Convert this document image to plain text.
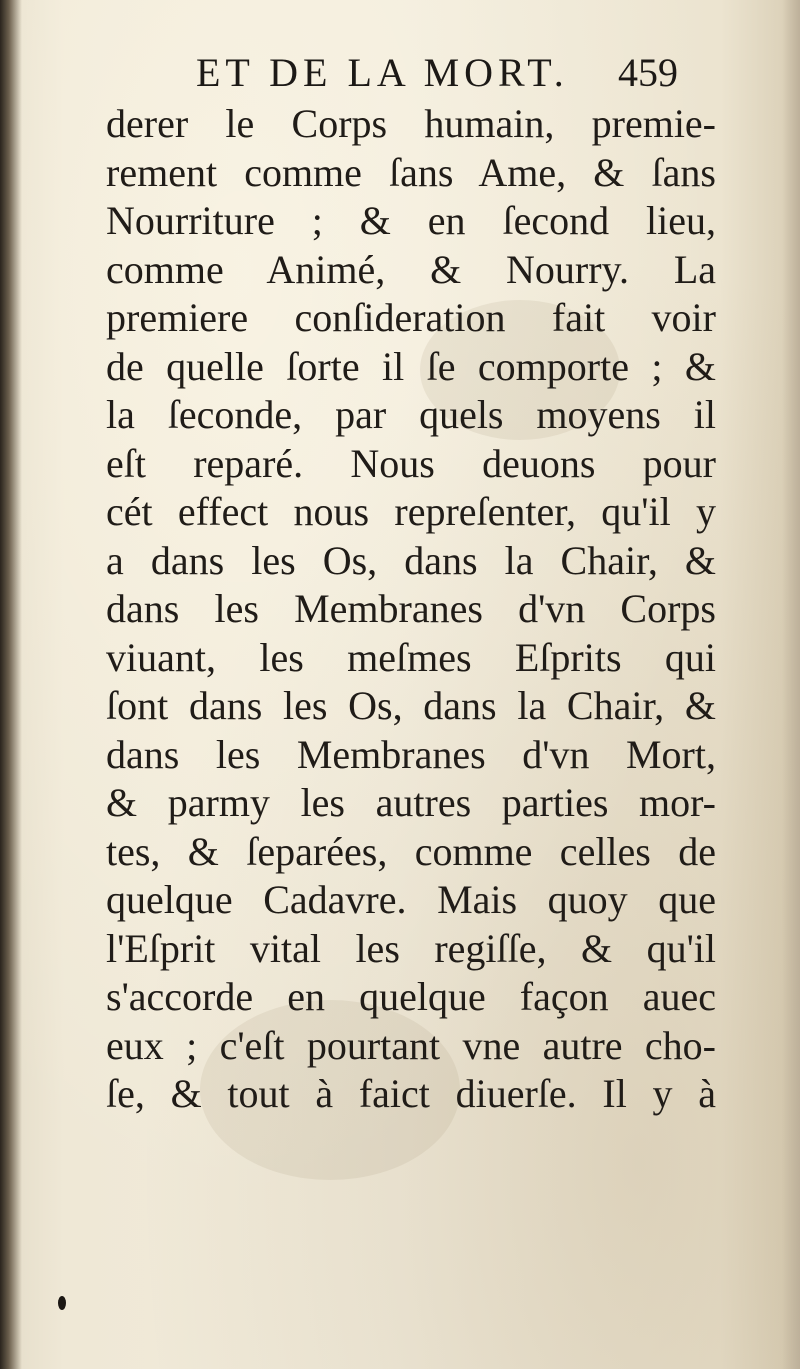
ET DE LA MORT. 459
derer le Corps humain, premie-
rement comme ſans Ame, & ſans
Nourriture ; & en ſecond lieu,
comme Animé, & Nourry. La
premiere conſideration fait voir
de quelle ſorte il ſe comporte ; &
la ſeconde, par quels moyens il
eſt reparé. Nous deuons pour
cét effect nous repreſenter, qu'il y
a dans les Os, dans la Chair, &
dans les Membranes d'vn Corps
viuant, les meſmes Eſprits qui
ſont dans les Os, dans la Chair, &
dans les Membranes d'vn Mort,
& parmy les autres parties mor-
tes, & ſeparées, comme celles de
quelque Cadavre. Mais quoy que
l'Eſprit vital les regiſſe, & qu'il
s'accorde en quelque façon auec
eux ; c'eſt pourtant vne autre cho-
ſe, & tout à faict diuerſe. Il y à
